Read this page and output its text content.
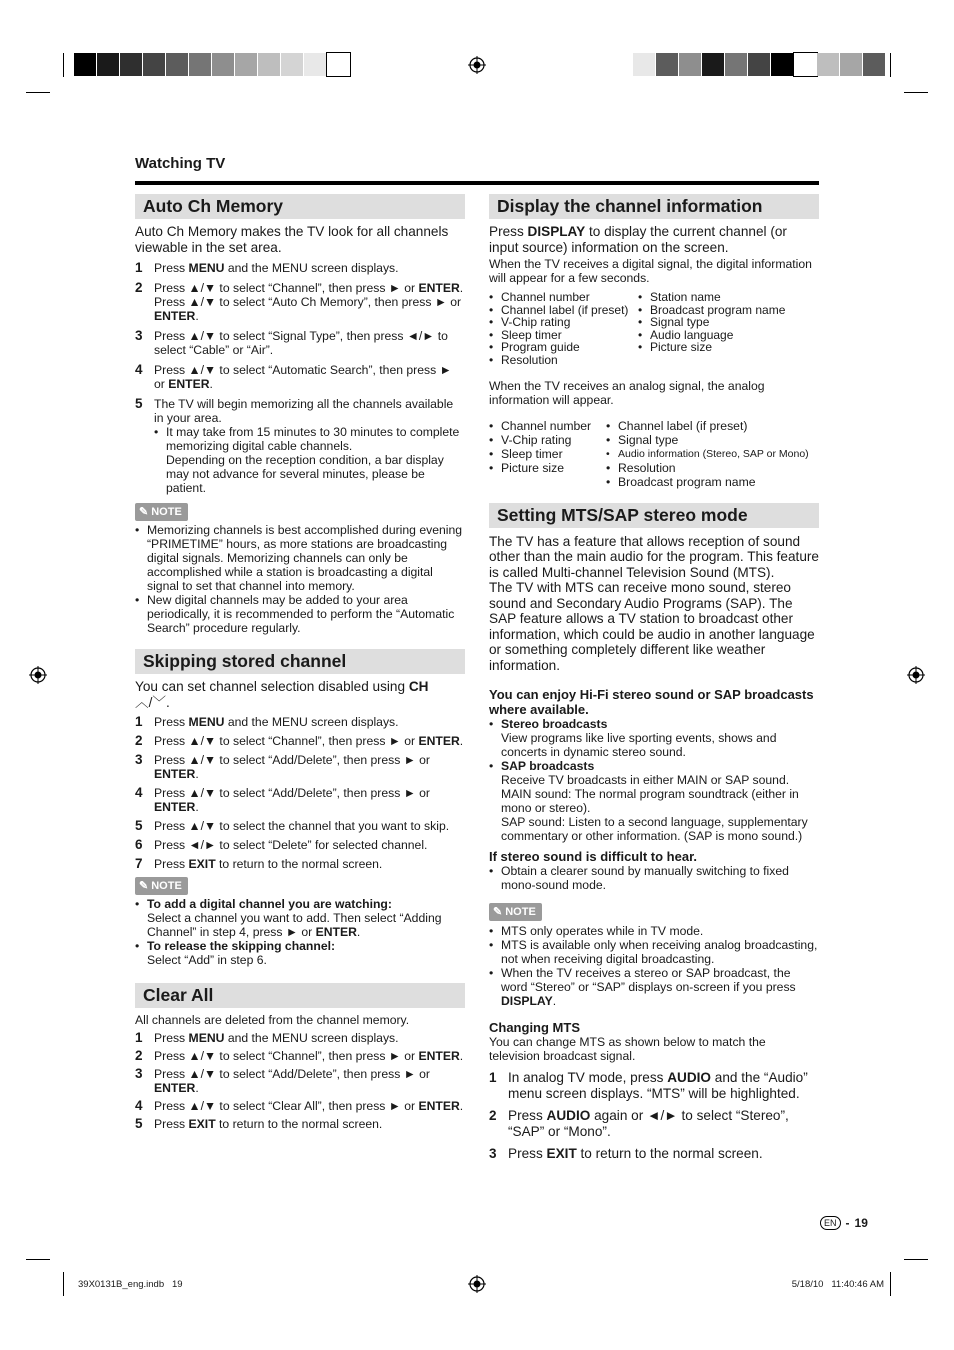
Watching TV
Auto Ch Memory

Auto Ch Memory makes the TV look for all channels viewable in the set area.

1 Press MENU and the MENU screen displays.
2 Press ▲/▼ to select “Channel”, then press ► or ENTER. Press ▲/▼ to select “Auto Ch Memory”, then press ► or ENTER.
3 Press ▲/▼ to select “Signal Type”, then press ◄/► to select “Cable” or “Air”.
4 Press ▲/▼ to select “Automatic Search”, then press ► or ENTER.
5 The TV will begin memorizing all the channels available in your area.
• It may take from 15 minutes to 30 minutes to complete memorizing digital cable channels.
Depending on the reception condition, a bar display may not advance for several minutes, please be patient.
✎ NOTE
• Memorizing channels is best accomplished during evening “PRIMETIME” hours, as more stations are broadcasting digital signals. Memorizing channels can only be accomplished while a station is broadcasting a digital signal to set that channel into memory.
• New digital channels may be added to your area periodically, it is recommended to perform the “Automatic Search” procedure regularly.
Skipping stored channel

You can set channel selection disabled using CH ︿/﹀.

1 Press MENU and the MENU screen displays.
2 Press ▲/▼ to select “Channel”, then press ► or ENTER.
3 Press ▲/▼ to select “Add/Delete”, then press ► or ENTER.
4 Press ▲/▼ to select “Add/Delete”, then press ► or ENTER.
5 Press ▲/▼ to select the channel that you want to skip.
6 Press ◄/► to select “Delete” for selected channel.
7 Press EXIT to return to the normal screen.
✎ NOTE
• To add a digital channel you are watching:
Select a channel you want to add. Then select “Adding Channel” in step 4, press ► or ENTER.
• To release the skipping channel:
Select “Add” in step 6.
Clear All

All channels are deleted from the channel memory.

1 Press MENU and the MENU screen displays.
2 Press ▲/▼ to select “Channel”, then press ► or ENTER.
3 Press ▲/▼ to select “Add/Delete”, then press ► or ENTER.
4 Press ▲/▼ to select “Clear All”, then press ► or ENTER.
5 Press EXIT to return to the normal screen.
Display the channel information

Press DISPLAY to display the current channel (or input source) information on the screen.

When the TV receives a digital signal, the digital information will appear for a few seconds.

• Channel number
• Channel label (if preset)
• V-Chip rating
• Sleep timer
• Program guide
• Resolution
• Station name
• Broadcast program name
• Signal type
• Audio language
• Picture size

When the TV receives an analog signal, the analog information will appear.

• Channel number
• V-Chip rating
• Sleep timer
• Picture size
• Channel label (if preset)
• Signal type
• Audio information (Stereo, SAP or Mono)
• Resolution
• Broadcast program name
Setting MTS/SAP stereo mode

The TV has a feature that allows reception of sound other than the main audio for the program. This feature is called Multi-channel Television Sound (MTS).
The TV with MTS can receive mono sound, stereo sound and Secondary Audio Programs (SAP). The SAP feature allows a TV station to broadcast other information, which could be audio in another language or something completely different like weather information.

You can enjoy Hi-Fi stereo sound or SAP broadcasts where available.

• Stereo broadcasts
View programs like live sporting events, shows and concerts in dynamic stereo sound.
• SAP broadcasts
Receive TV broadcasts in either MAIN or SAP sound.
MAIN sound: The normal program soundtrack (either in mono or stereo).
SAP sound: Listen to a second language, supplementary commentary or other information. (SAP is mono sound.)

If stereo sound is difficult to hear.

• Obtain a clearer sound by manually switching to fixed mono-sound mode.
✎ NOTE
• MTS only operates while in TV mode.
• MTS is available only when receiving analog broadcasting, not when receiving digital broadcasting.
• When the TV receives a stereo or SAP broadcast, the word “Stereo” or “SAP” displays on-screen if you press DISPLAY.

Changing MTS

You can change MTS as shown below to match the television broadcast signal.

1 In analog TV mode, press AUDIO and the “Audio” menu screen displays. “MTS” will be highlighted.
2 Press AUDIO again or ◄/► to select “Stereo”, “SAP” or “Mono”.
3 Press EXIT to return to the normal screen.
EN - 19
39X0131B_eng.indb   19	5/18/10   11:40:46 AM
